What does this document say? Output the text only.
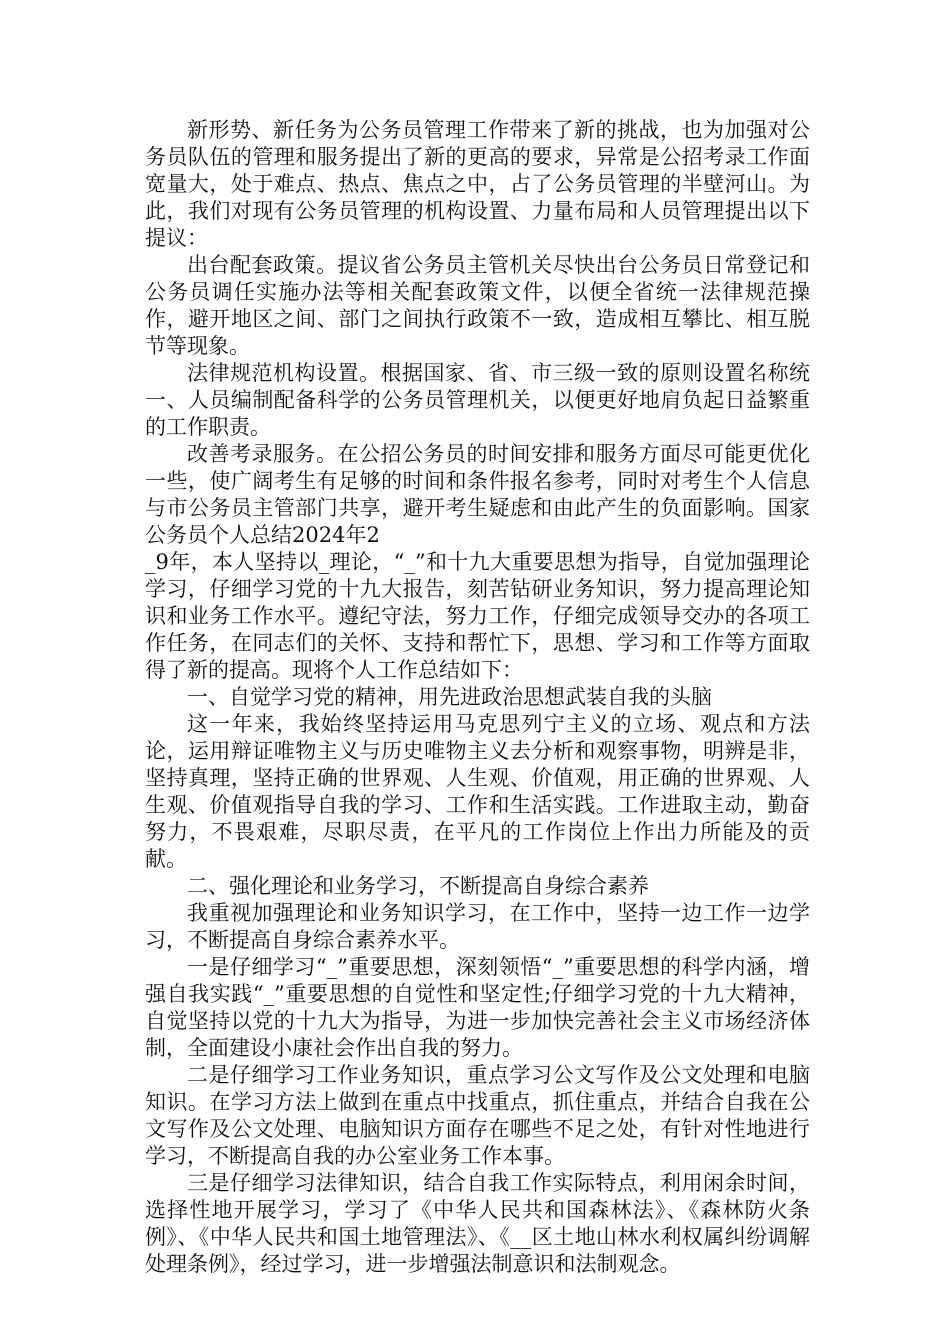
新形势、新任务为公务员管理工作带来了新的挑战，也为加强对公务员队伍的管理和服务提出了新的更高的要求，异常是公招考录工作面宽量大，处于难点、热点、焦点之中，占了公务员管理的半壁河山。为此，我们对现有公务员管理的机构设置、力量布局和人员管理提出以下提议：

出台配套政策。提议省公务员主管机关尽快出台公务员日常登记和公务员调任实施办法等相关配套政策文件，以便全省统一法律规范操作，避开地区之间、部门之间执行政策不一致，造成相互攀比、相互脱节等现象。

法律规范机构设置。根据国家、省、市三级一致的原则设置名称统一、人员编制配备科学的公务员管理机关，以便更好地肩负起日益繁重的工作职责。

改善考录服务。在公招公务员的时间安排和服务方面尽可能更优化一些，使广阔考生有足够的时间和条件报名参考，同时对考生个人信息与市公务员主管部门共享，避开考生疑虑和由此产生的负面影响。国家公务员个人总结2024年2

_9年，本人坚持以_理论，“_”和十九大重要思想为指导，自觉加强理论学习，仔细学习党的十九大报告，刻苦钻研业务知识，努力提高理论知识和业务工作水平。遵纪守法，努力工作，仔细完成领导交办的各项工作任务，在同志们的关怀、支持和帮忙下，思想、学习和工作等方面取得了新的提高。现将个人工作总结如下：

一、自觉学习党的精神，用先进政治思想武装自我的头脑

这一年来，我始终坚持运用马克思列宁主义的立场、观点和方法论，运用辩证唯物主义与历史唯物主义去分析和观察事物，明辨是非，坚持真理，坚持正确的世界观、人生观、价值观，用正确的世界观、人生观、价值观指导自我的学习、工作和生活实践。工作进取主动，勤奋努力，不畏艰难，尽职尽责，在平凡的工作岗位上作出力所能及的贡献。

二、强化理论和业务学习，不断提高自身综合素养

我重视加强理论和业务知识学习，在工作中，坚持一边工作一边学习，不断提高自身综合素养水平。

一是仔细学习“_”重要思想，深刻领悟“_”重要思想的科学内涵，增强自我实践“_”重要思想的自觉性和坚定性;仔细学习党的十九大精神，自觉坚持以党的十九大为指导，为进一步加快完善社会主义市场经济体制，全面建设小康社会作出自我的努力。

二是仔细学习工作业务知识，重点学习公文写作及公文处理和电脑知识。在学习方法上做到在重点中找重点，抓住重点，并结合自我在公文写作及公文处理、电脑知识方面存在哪些不足之处，有针对性地进行学习，不断提高自我的办公室业务工作本事。

三是仔细学习法律知识，结合自我工作实际特点，利用闲余时间，选择性地开展学习，学习了《中华人民共和国森林法》、《森林防火条例》、《中华人民共和国土地管理法》、《__区土地山林水利权属纠纷调解处理条例》，经过学习，进一步增强法制意识和法制观念。
